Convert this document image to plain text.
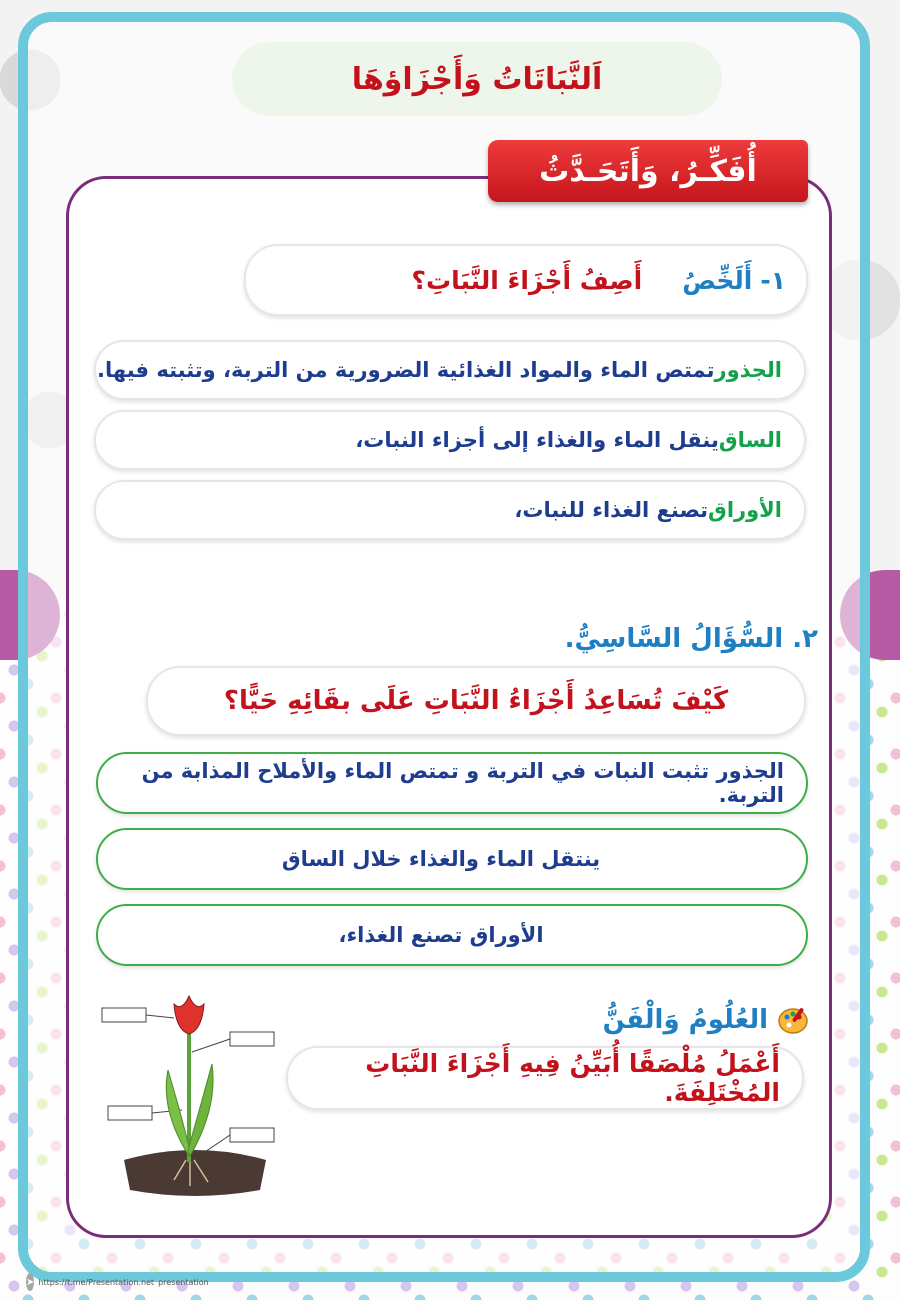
اَلنَّبَاتَاتُ وَأَجْزَاؤهَا
أُفَكِّـرُ، وَأَتَحَـدَّثُ
١-
أَلَخِّصُ
أَصِفُ أَجْزَاءَ النَّبَاتِ؟
الجذور
تمتص الماء والمواد الغذائية الضرورية من التربة، وتثبته فيها.
الساق
ينقل الماء والغذاء إلى أجزاء النبات،
الأوراق
تصنع الغذاء للنبات،
٢. السُّؤَالُ السَّاسِيُّ.
كَيْفَ تُسَاعِدُ أَجْزَاءُ النَّبَاتِ عَلَى بقَائِهِ حَيًّا؟
الجذور تثبت النبات في التربة و تمتص الماء والأملاح المذابة من التربة.
ينتقل الماء والغذاء خلال الساق
الأوراق تصنع الغذاء،
العُلُومُ وَالْفَنُّ
أَعْمَلُ مُلْصَقًا أُبَيِّنُ فِيهِ أَجْزَاءَ النَّبَاتِ المُخْتَلِفَةَ.
➤ https://t.me/Presentation.net presentation
